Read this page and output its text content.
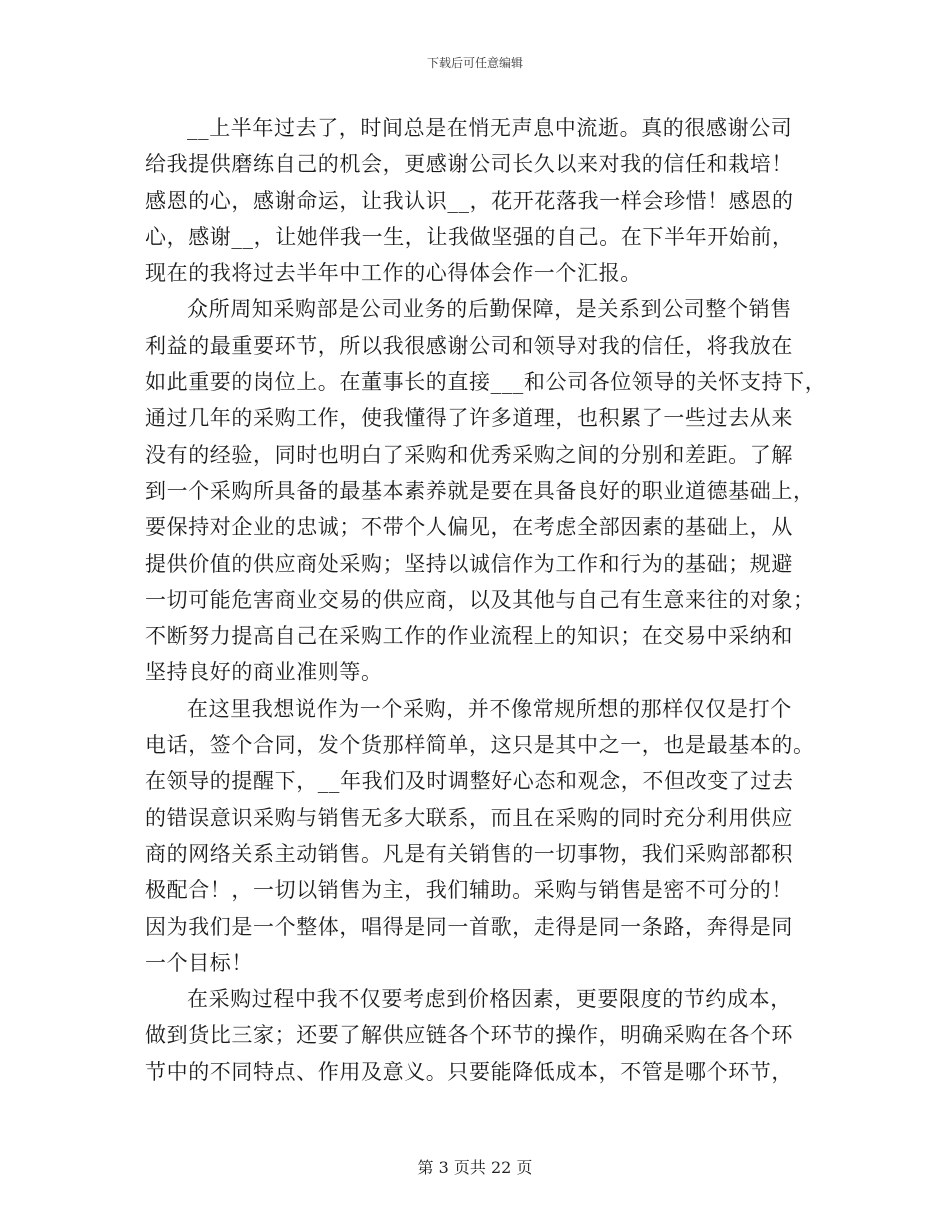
下载后可任意编辑
__上半年过去了，时间总是在悄无声息中流逝。真的很感谢公司
给我提供磨练自己的机会，更感谢公司长久以来对我的信任和栽培！
感恩的心，感谢命运，让我认识__，花开花落我一样会珍惜！感恩的
心，感谢__，让她伴我一生，让我做坚强的自己。在下半年开始前，
现在的我将过去半年中工作的心得体会作一个汇报。
众所周知采购部是公司业务的后勤保障，是关系到公司整个销售
利益的最重要环节，所以我很感谢公司和领导对我的信任，将我放在
如此重要的岗位上。在董事长的直接___和公司各位领导的关怀支持下，
通过几年的采购工作，使我懂得了许多道理，也积累了一些过去从来
没有的经验，同时也明白了采购和优秀采购之间的分别和差距。了解
到一个采购所具备的最基本素养就是要在具备良好的职业道德基础上，
要保持对企业的忠诚；不带个人偏见，在考虑全部因素的基础上，从
提供价值的供应商处采购；坚持以诚信作为工作和行为的基础；规避
一切可能危害商业交易的供应商，以及其他与自己有生意来往的对象；
不断努力提高自己在采购工作的作业流程上的知识；在交易中采纳和
坚持良好的商业准则等。
在这里我想说作为一个采购，并不像常规所想的那样仅仅是打个
电话，签个合同，发个货那样简单，这只是其中之一，也是最基本的。
在领导的提醒下，__年我们及时调整好心态和观念，不但改变了过去
的错误意识采购与销售无多大联系，而且在采购的同时充分利用供应
商的网络关系主动销售。凡是有关销售的一切事物，我们采购部都积
极配合！，一切以销售为主，我们辅助。采购与销售是密不可分的！
因为我们是一个整体，唱得是同一首歌，走得是同一条路，奔得是同
一个目标！
在采购过程中我不仅要考虑到价格因素，更要限度的节约成本，
做到货比三家；还要了解供应链各个环节的操作，明确采购在各个环
节中的不同特点、作用及意义。只要能降低成本，不管是哪个环节，
第 3 页共 22 页
